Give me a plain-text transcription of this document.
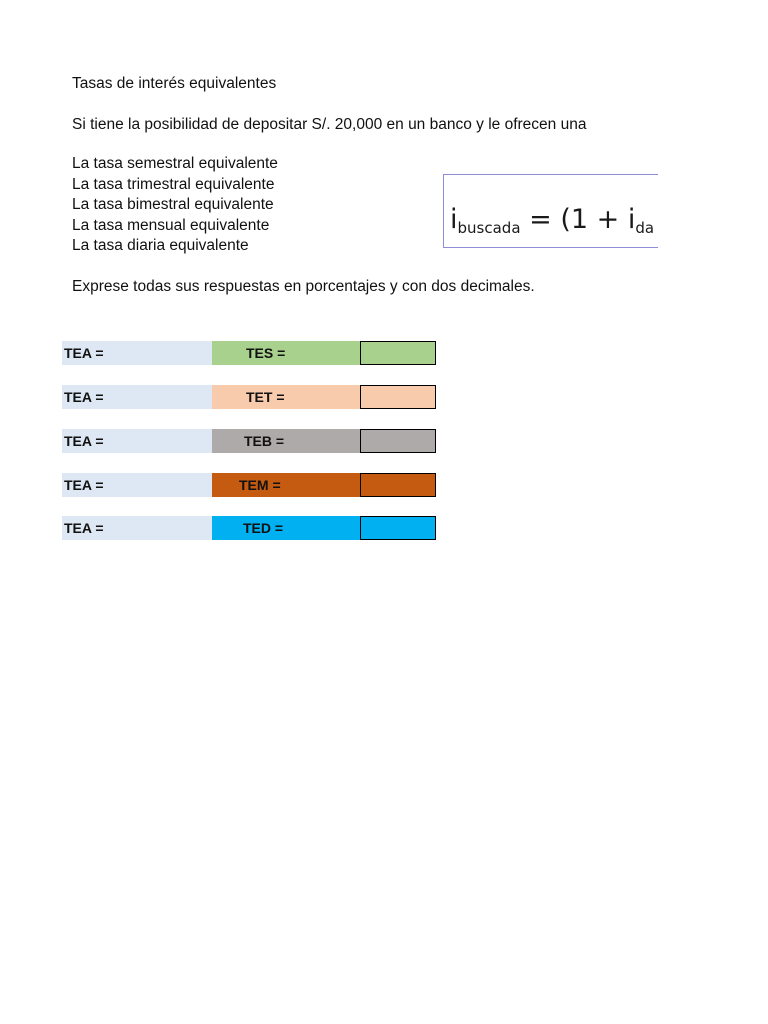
Tasas de interés equivalentes
Si tiene la posibilidad de depositar S/. 20,000 en un banco y le ofrecen una
La tasa semestral equivalente
La tasa trimestral equivalente
La tasa bimestral equivalente
La tasa mensual equivalente
La tasa diaria equivalente
$i_{buscada} = (1 + i_{da}$
Exprese todas sus respuestas en porcentajes y con dos decimales.
TEA =	TES =
TEA =	TET =
TEA =	TEB =
TEA =	TEM =
TEA =	TED =
